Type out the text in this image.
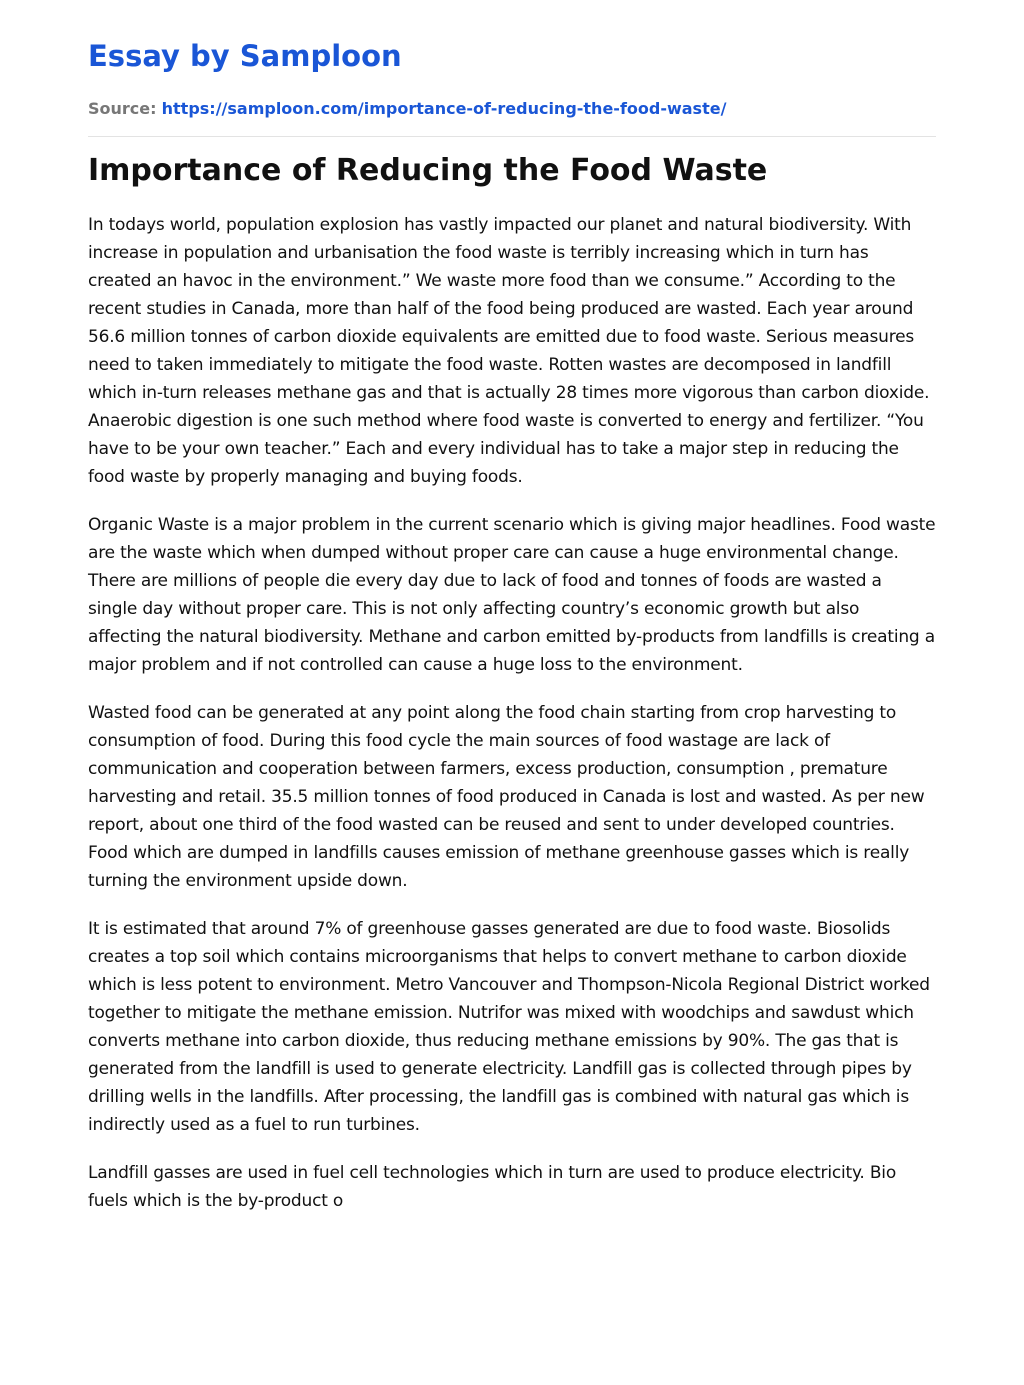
Essay by Samploon
Source: https://samploon.com/importance-of-reducing-the-food-waste/
Importance of Reducing the Food Waste

In todays world, population explosion has vastly impacted our planet and natural biodiversity. With increase in population and urbanisation the food waste is terribly increasing which in turn has created an havoc in the environment.” We waste more food than we consume.” According to the recent studies in Canada, more than half of the food being produced are wasted. Each year around 56.6 million tonnes of carbon dioxide equivalents are emitted due to food waste. Serious measures need to taken immediately to mitigate the food waste. Rotten wastes are decomposed in landfill which in-turn releases methane gas and that is actually 28 times more vigorous than carbon dioxide. Anaerobic digestion is one such method where food waste is converted to energy and fertilizer. “You have to be your own teacher.” Each and every individual has to take a major step in reducing the food waste by properly managing and buying foods.

Organic Waste is a major problem in the current scenario which is giving major headlines. Food waste are the waste which when dumped without proper care can cause a huge environmental change. There are millions of people die every day due to lack of food and tonnes of foods are wasted a single day without proper care. This is not only affecting country’s economic growth but also affecting the natural biodiversity. Methane and carbon emitted by-products from landfills is creating a major problem and if not controlled can cause a huge loss to the environment.

Wasted food can be generated at any point along the food chain starting from crop harvesting to consumption of food. During this food cycle the main sources of food wastage are lack of communication and cooperation between farmers, excess production, consumption , premature harvesting and retail. 35.5 million tonnes of food produced in Canada is lost and wasted. As per new report, about one third of the food wasted can be reused and sent to under developed countries. Food which are dumped in landfills causes emission of methane greenhouse gasses which is really turning the environment upside down.

It is estimated that around 7% of greenhouse gasses generated are due to food waste. Biosolids creates a top soil which contains microorganisms that helps to convert methane to carbon dioxide which is less potent to environment. Metro Vancouver and Thompson-Nicola Regional District worked together to mitigate the methane emission. Nutrifor was mixed with woodchips and sawdust which converts methane into carbon dioxide, thus reducing methane emissions by 90%. The gas that is generated from the landfill is used to generate electricity. Landfill gas is collected through pipes by drilling wells in the landfills. After processing, the landfill gas is combined with natural gas which is indirectly used as a fuel to run turbines.

Landfill gasses are used in fuel cell technologies which in turn are used to produce electricity. Bio fuels which is the by-product o
